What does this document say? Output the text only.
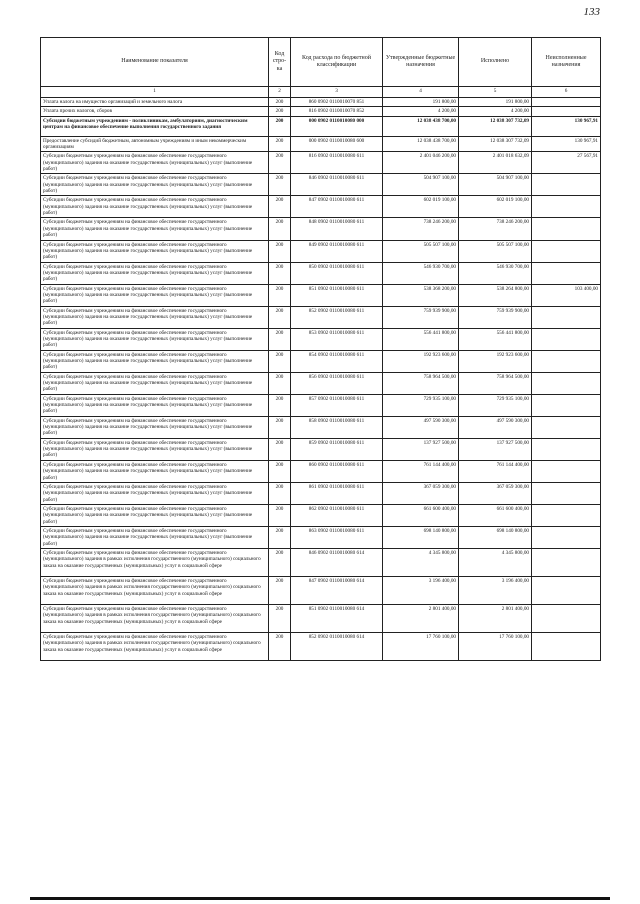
133
Наименование показателя	Код стро-ка	Код расхода по бюджетной классификации	Утвержденные бюджетные назначения	Исполнено	Неисполненные назначения
1	2	3	4	5	6
Уплата налога на имущество организаций и земельного налога	200	860 0902 0110010070 851	191 800,00	191 800,00	
Уплата прочих налогов, сборов	200	816 0902 0110010070 852	4 200,00	4 200,00	
Субсидии бюджетным учреждениям - поликлиникам, амбулаториям, диагностическим центрам на финансовое обеспечение выполнения государственного задания	200	000 0902 0110010080 000	12 038 438 700,00	12 038 307 732,09	130 967,91
Предоставление субсидий бюджетным, автономным учреждениям и иным некоммерческим организациям	200	000 0902 0110010080 600	12 038 438 700,00	12 038 307 732,09	130 967,91
Субсидии бюджетным учреждениям на финансовое обеспечение государственного (муниципального) задания на оказание государственных (муниципальных) услуг (выполнение работ)	200	816 0902 0110010080 611	2 401 046 200,00	2 401 018 632,09	27 567,91
Субсидии бюджетным учреждениям на финансовое обеспечение государственного (муниципального) задания на оказание государственных (муниципальных) услуг (выполнение работ)	200	846 0902 0110010080 611	504 907 100,00	504 907 100,00	
Субсидии бюджетным учреждениям на финансовое обеспечение государственного (муниципального) задания на оказание государственных (муниципальных) услуг (выполнение работ)	200	847 0902 0110010080 611	602 019 100,00	602 019 100,00	
Субсидии бюджетным учреждениям на финансовое обеспечение государственного (муниципального) задания на оказание государственных (муниципальных) услуг (выполнение работ)	200	848 0902 0110010080 611	738 246 200,00	738 246 200,00	
Субсидии бюджетным учреждениям на финансовое обеспечение государственного (муниципального) задания на оказание государственных (муниципальных) услуг (выполнение работ)	200	849 0902 0110010080 611	505 507 100,00	505 507 100,00	
Субсидии бюджетным учреждениям на финансовое обеспечение государственного (муниципального) задания на оказание государственных (муниципальных) услуг (выполнение работ)	200	850 0902 0110010080 611	546 930 700,00	546 930 700,00	
Субсидии бюджетным учреждениям на финансовое обеспечение государственного (муниципального) задания на оказание государственных (муниципальных) услуг (выполнение работ)	200	851 0902 0110010080 611	538 368 200,00	538 264 800,00	103 400,00
Субсидии бюджетным учреждениям на финансовое обеспечение государственного (муниципального) задания на оказание государственных (муниципальных) услуг (выполнение работ)	200	852 0902 0110010080 611	759 939 900,00	759 939 900,00	
Субсидии бюджетным учреждениям на финансовое обеспечение государственного (муниципального) задания на оказание государственных (муниципальных) услуг (выполнение работ)	200	853 0902 0110010080 611	556 441 800,00	556 441 800,00	
Субсидии бюджетным учреждениям на финансовое обеспечение государственного (муниципального) задания на оказание государственных (муниципальных) услуг (выполнение работ)	200	854 0902 0110010080 611	192 923 600,00	192 923 600,00	
Субсидии бюджетным учреждениям на финансовое обеспечение государственного (муниципального) задания на оказание государственных (муниципальных) услуг (выполнение работ)	200	856 0902 0110010080 611	758 964 500,00	758 964 500,00	
Субсидии бюджетным учреждениям на финансовое обеспечение государственного (муниципального) задания на оказание государственных (муниципальных) услуг (выполнение работ)	200	857 0902 0110010080 611	729 935 100,00	729 935 100,00	
Субсидии бюджетным учреждениям на финансовое обеспечение государственного (муниципального) задания на оказание государственных (муниципальных) услуг (выполнение работ)	200	858 0902 0110010080 611	497 590 300,00	497 590 300,00	
Субсидии бюджетным учреждениям на финансовое обеспечение государственного (муниципального) задания на оказание государственных (муниципальных) услуг (выполнение работ)	200	859 0902 0110010080 611	137 927 500,00	137 927 500,00	
Субсидии бюджетным учреждениям на финансовое обеспечение государственного (муниципального) задания на оказание государственных (муниципальных) услуг (выполнение работ)	200	860 0902 0110010080 611	761 144 400,00	761 144 400,00	
Субсидии бюджетным учреждениям на финансовое обеспечение государственного (муниципального) задания на оказание государственных (муниципальных) услуг (выполнение работ)	200	861 0902 0110010080 611	367 059 300,00	367 059 300,00	
Субсидии бюджетным учреждениям на финансовое обеспечение государственного (муниципального) задания на оказание государственных (муниципальных) услуг (выполнение работ)	200	862 0902 0110010080 611	661 600 400,00	661 600 400,00	
Субсидии бюджетным учреждениям на финансовое обеспечение государственного (муниципального) задания на оказание государственных (муниципальных) услуг (выполнение работ)	200	863 0902 0110010080 611	698 140 800,00	698 140 800,00	
Субсидии бюджетным учреждениям на финансовое обеспечение государственного (муниципального) задания в рамках исполнения государственного (муниципального) социального заказа на оказание государственных (муниципальных) услуг в социальной сфере	200	846 0902 0110010080 614	4 345 800,00	4 345 800,00	
Субсидии бюджетным учреждениям на финансовое обеспечение государственного (муниципального) задания в рамках исполнения государственного (муниципального) социального заказа на оказание государственных (муниципальных) услуг в социальной сфере	200	847 0902 0110010080 614	3 196 400,00	3 196 400,00	
Субсидии бюджетным учреждениям на финансовое обеспечение государственного (муниципального) задания в рамках исполнения государственного (муниципального) социального заказа на оказание государственных (муниципальных) услуг в социальной сфере	200	851 0902 0110010080 614	2 801 400,00	2 801 400,00	
Субсидии бюджетным учреждениям на финансовое обеспечение государственного (муниципального) задания в рамках исполнения государственного (муниципального) социального заказа на оказание государственных (муниципальных) услуг в социальной сфере	200	852 0902 0110010080 614	17 760 100,00	17 760 100,00	
